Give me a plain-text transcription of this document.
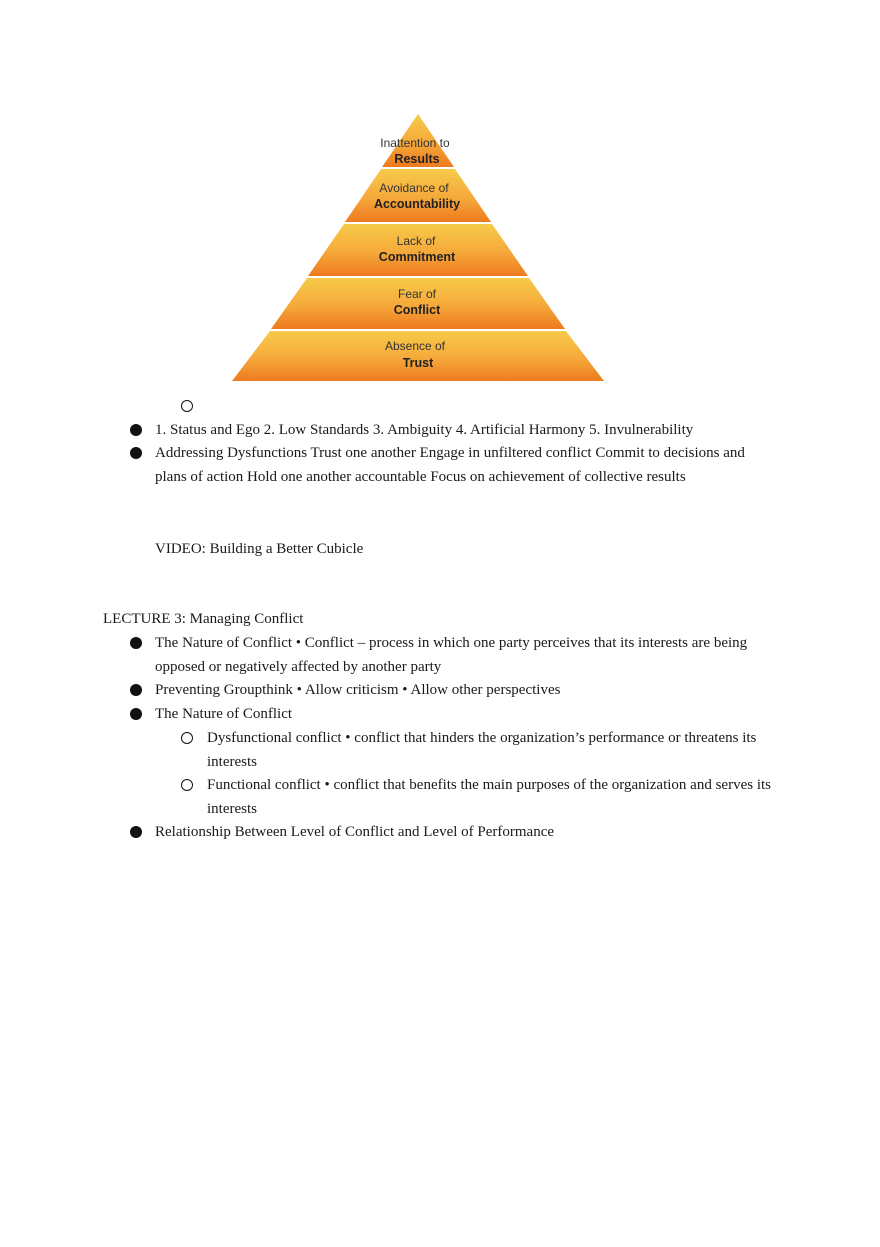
Inattention to
Results
Avoidance of
Accountability
Lack of
Commitment
Fear of
Conflict
Absence of
Trust
1. Status and Ego 2. Low Standards 3. Ambiguity 4. Artificial Harmony 5. Invulnerability
Addressing Dysfunctions Trust one another Engage in unfiltered conflict Commit to decisions and
plans of action Hold one another accountable Focus on achievement of collective results
VIDEO: Building a Better Cubicle
LECTURE 3: Managing Conflict
The Nature of Conflict • Conflict – process in which one party perceives that its interests are being
opposed or negatively affected by another party
Preventing Groupthink • Allow criticism • Allow other perspectives
The Nature of Conflict
Dysfunctional conflict • conflict that hinders the organization’s performance or threatens its
interests
Functional conflict • conflict that benefits the main purposes of the organization and serves its
interests
Relationship Between Level of Conflict and Level of Performance
